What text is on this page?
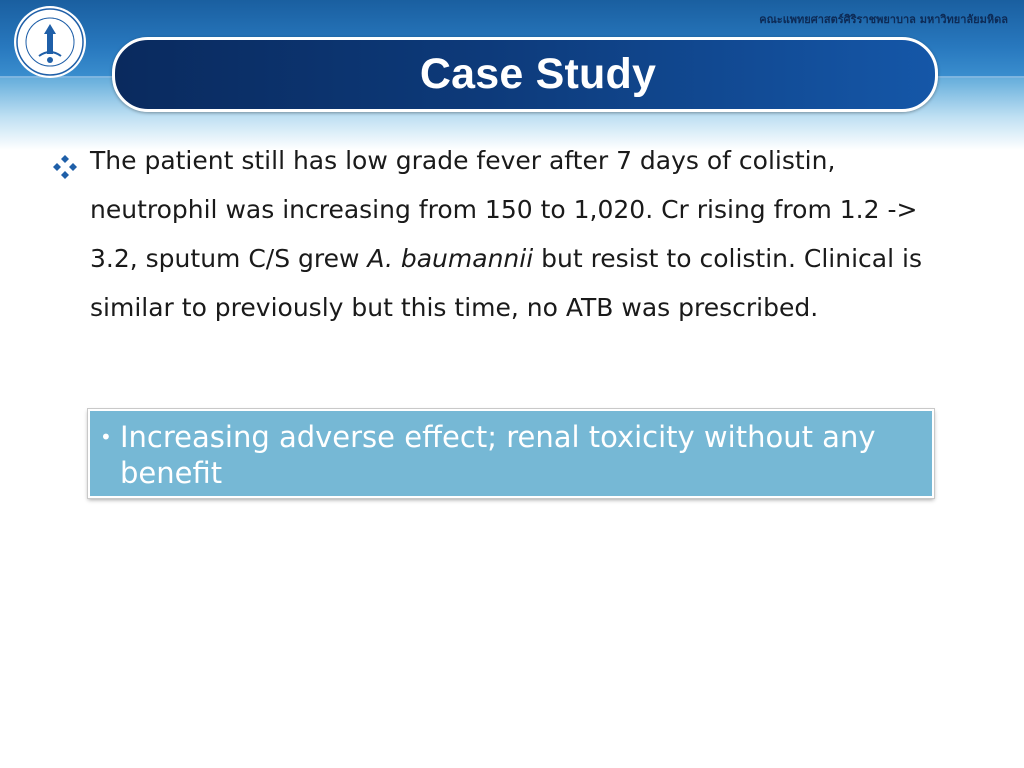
คณะแพทยศาสตร์ศิริราชพยาบาล มหาวิทยาลัยมหิดล
Case Study
The patient still has low grade fever after 7 days of colistin, neutrophil was increasing from 150 to 1,020. Cr rising from 1.2 -> 3.2, sputum C/S grew A. baumannii but resist to colistin. Clinical is similar to previously but this time, no ATB was prescribed.
• Increasing adverse effect; renal toxicity without any benefit
